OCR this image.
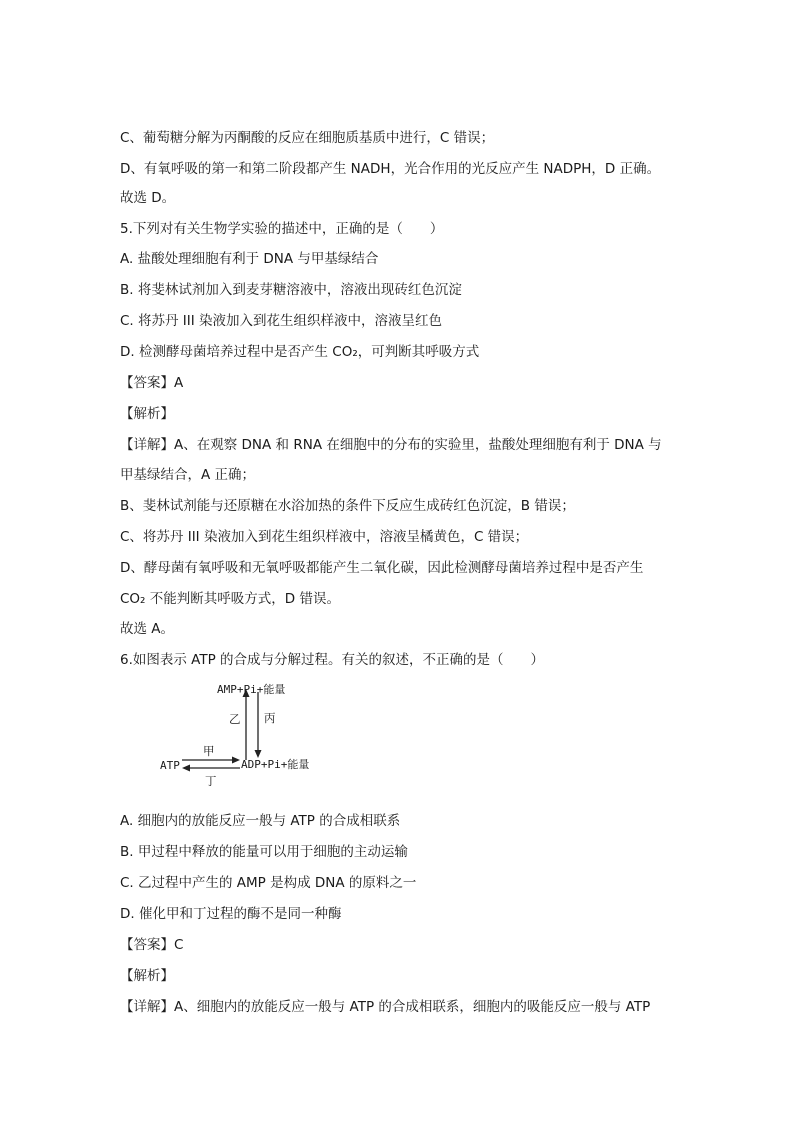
C、葡萄糖分解为丙酮酸的反应在细胞质基质中进行，C 错误；
D、有氧呼吸的第一和第二阶段都产生 NADH，光合作用的光反应产生 NADPH，D 正确。
故选 D。
5.下列对有关生物学实验的描述中，正确的是（　　）
A. 盐酸处理细胞有利于 DNA 与甲基绿结合
B. 将斐林试剂加入到麦芽糖溶液中，溶液出现砖红色沉淀
C. 将苏丹 III 染液加入到花生组织样液中，溶液呈红色
D. 检测酵母菌培养过程中是否产生 CO₂，可判断其呼吸方式
【答案】A
【解析】
【详解】A、在观察 DNA 和 RNA 在细胞中的分布的实验里，盐酸处理细胞有利于 DNA 与
甲基绿结合，A 正确；
B、斐林试剂能与还原糖在水浴加热的条件下反应生成砖红色沉淀，B 错误；
C、将苏丹 III 染液加入到花生组织样液中，溶液呈橘黄色，C 错误；
D、酵母菌有氧呼吸和无氧呼吸都能产生二氧化碳，因此检测酵母菌培养过程中是否产生
CO₂ 不能判断其呼吸方式，D 错误。
故选 A。
6.如图表示 ATP 的合成与分解过程。有关的叙述，不正确的是（　　）
AMP+Pi+能量
乙 丙
甲
ATP	ADP+Pi+能量
丁
A. 细胞内的放能反应一般与 ATP 的合成相联系
B. 甲过程中释放的能量可以用于细胞的主动运输
C. 乙过程中产生的 AMP 是构成 DNA 的原料之一
D. 催化甲和丁过程的酶不是同一种酶
【答案】C
【解析】
【详解】A、细胞内的放能反应一般与 ATP 的合成相联系，细胞内的吸能反应一般与 ATP
